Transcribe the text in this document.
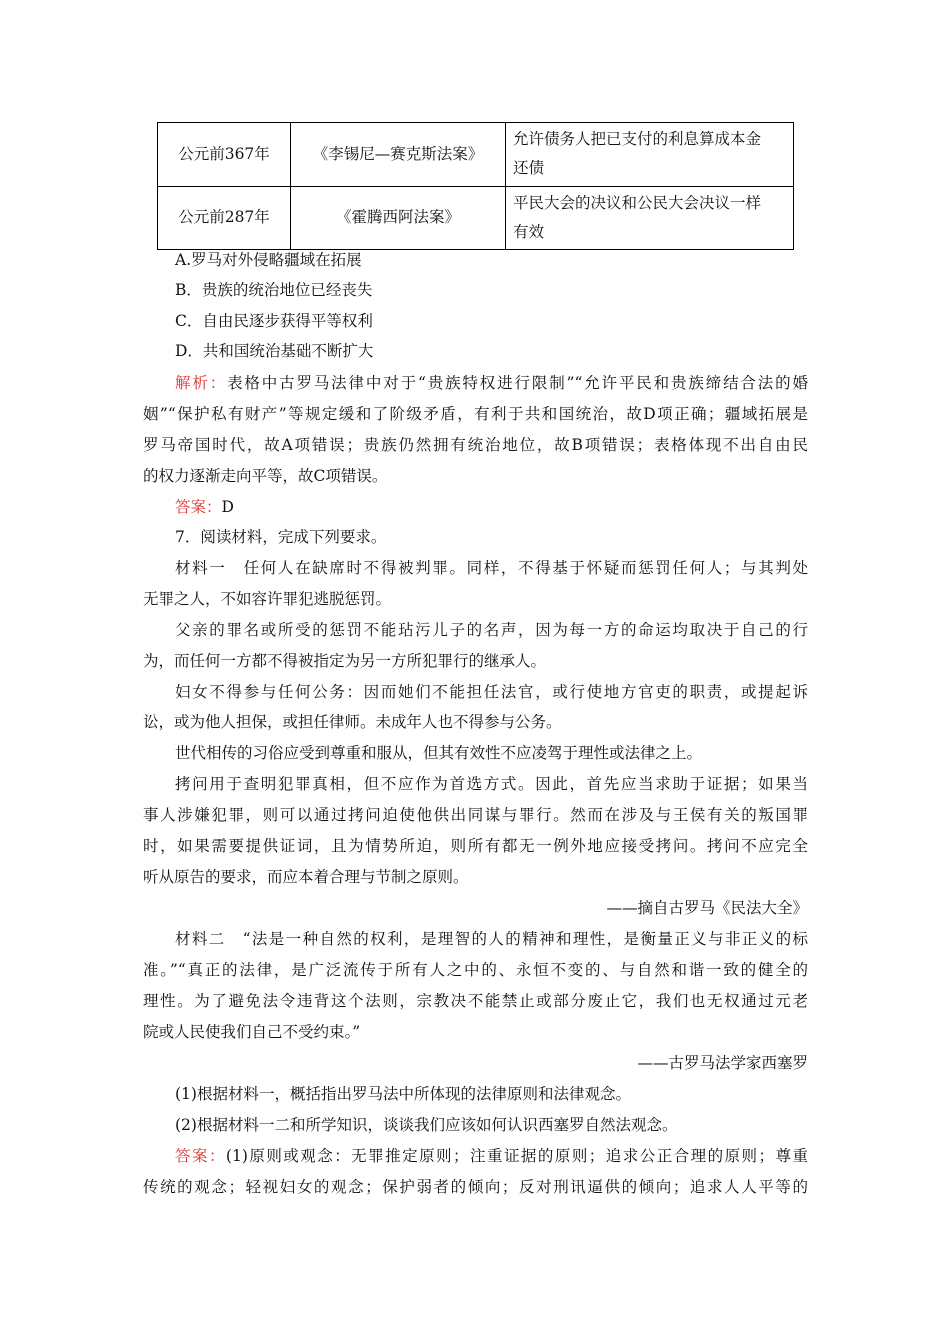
公元前367年	《李锡尼—赛克斯法案》	允许债务人把已支付的利息算成本金
还债
公元前287年	《霍腾西阿法案》	平民大会的决议和公民大会决议一样
有效
A.罗马对外侵略疆域在拓展
B．贵族的统治地位已经丧失
C．自由民逐步获得平等权利
D．共和国统治基础不断扩大
解析：表格中古罗马法律中对于“贵族特权进行限制”“允许平民和贵族缔结合法的婚
姻”“保护私有财产”等规定缓和了阶级矛盾，有利于共和国统治，故D项正确；疆域拓展是
罗马帝国时代，故A项错误；贵族仍然拥有统治地位，故B项错误；表格体现不出自由民
的权力逐渐走向平等，故C项错误。
答案：D
7．阅读材料，完成下列要求。
材料一　任何人在缺席时不得被判罪。同样，不得基于怀疑而惩罚任何人；与其判处
无罪之人，不如容许罪犯逃脱惩罚。
父亲的罪名或所受的惩罚不能玷污儿子的名声，因为每一方的命运均取决于自己的行
为，而任何一方都不得被指定为另一方所犯罪行的继承人。
妇女不得参与任何公务：因而她们不能担任法官，或行使地方官吏的职责，或提起诉
讼，或为他人担保，或担任律师。未成年人也不得参与公务。
世代相传的习俗应受到尊重和服从，但其有效性不应凌驾于理性或法律之上。
拷问用于查明犯罪真相，但不应作为首选方式。因此，首先应当求助于证据；如果当
事人涉嫌犯罪，则可以通过拷问迫使他供出同谋与罪行。然而在涉及与王侯有关的叛国罪
时，如果需要提供证词，且为情势所迫，则所有都无一例外地应接受拷问。拷问不应完全
听从原告的要求，而应本着合理与节制之原则。
——摘自古罗马《民法大全》
材料二　“法是一种自然的权利，是理智的人的精神和理性，是衡量正义与非正义的标
准。”“真正的法律，是广泛流传于所有人之中的、永恒不变的、与自然和谐一致的健全的
理性。为了避免法令违背这个法则，宗教决不能禁止或部分废止它，我们也无权通过元老
院或人民使我们自己不受约束。”
——古罗马法学家西塞罗
(1)根据材料一，概括指出罗马法中所体现的法律原则和法律观念。
(2)根据材料一二和所学知识，谈谈我们应该如何认识西塞罗自然法观念。
答案：(1)原则或观念：无罪推定原则；注重证据的原则；追求公正合理的原则；尊重
传统的观念；轻视妇女的观念；保护弱者的倾向；反对刑讯逼供的倾向；追求人人平等的
